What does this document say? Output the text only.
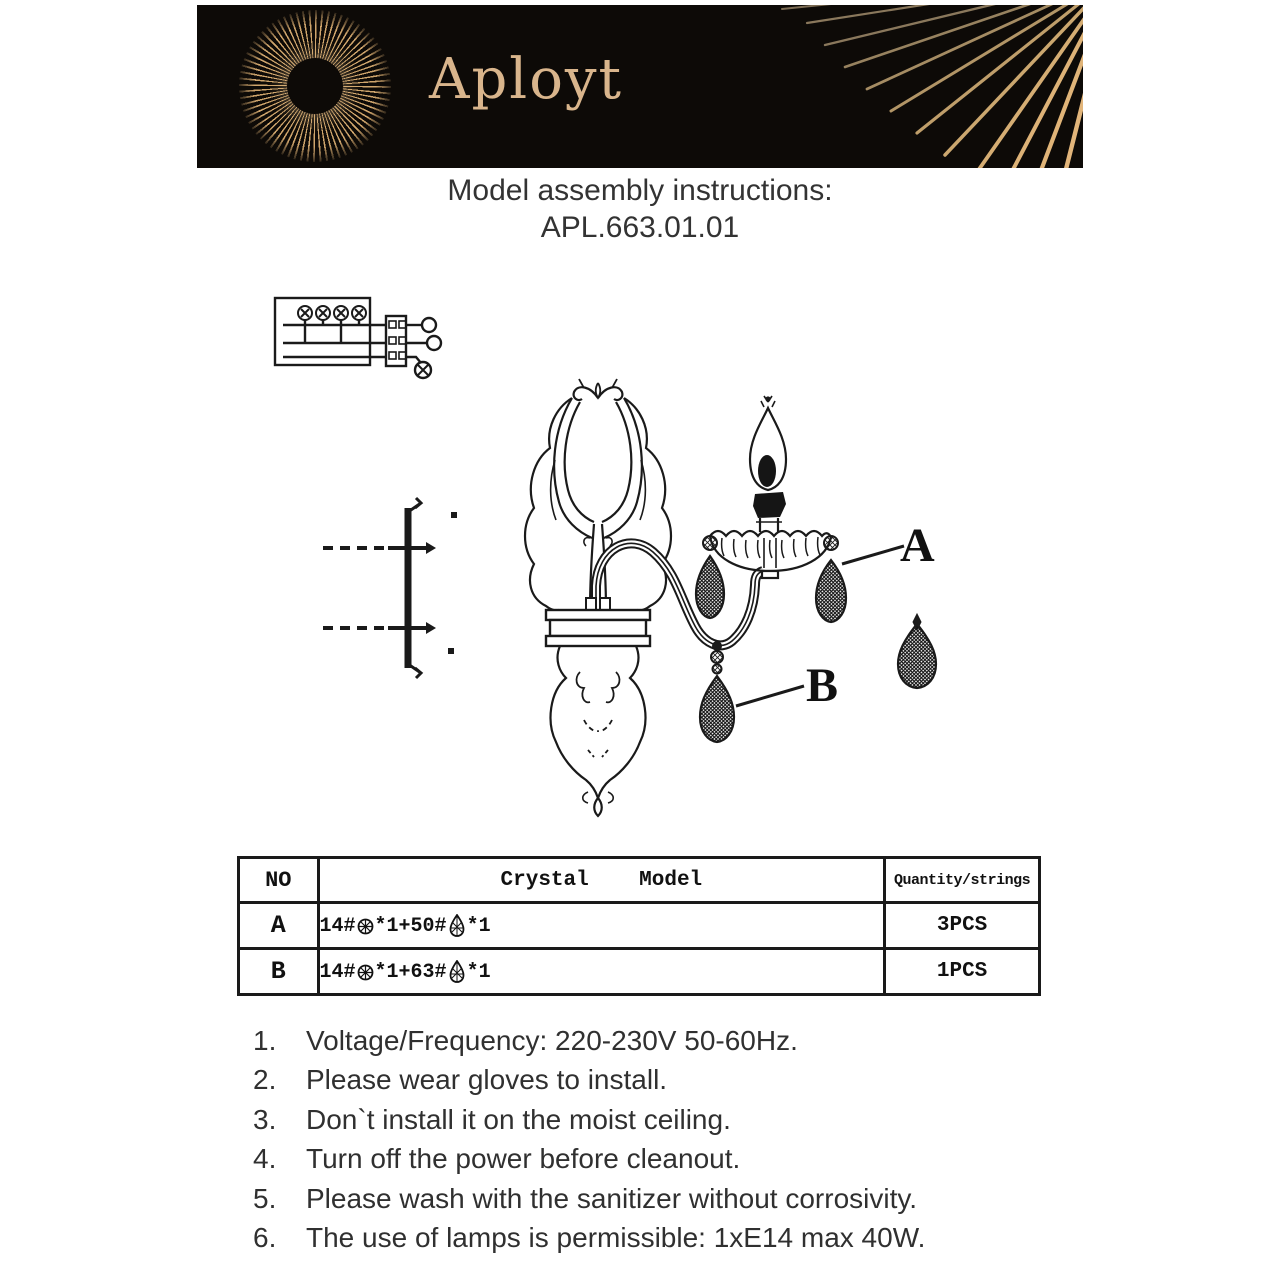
Aployt
Model assembly instructions:
APL.663.01.01
A
B
NO	Crystal    Model	Quantity/strings
A	14# *1+50# *1	3PCS
B	14# *1+63# *1	1PCS
1.	Voltage/Frequency: 220-230V 50-60Hz.
2.	Please wear gloves to install.
3.	Don`t install it on the moist ceiling.
4.	Turn off the power before cleanout.
5.	Please wash with the sanitizer without corrosivity.
6.	The use of lamps is permissible: 1xE14 max 40W.
